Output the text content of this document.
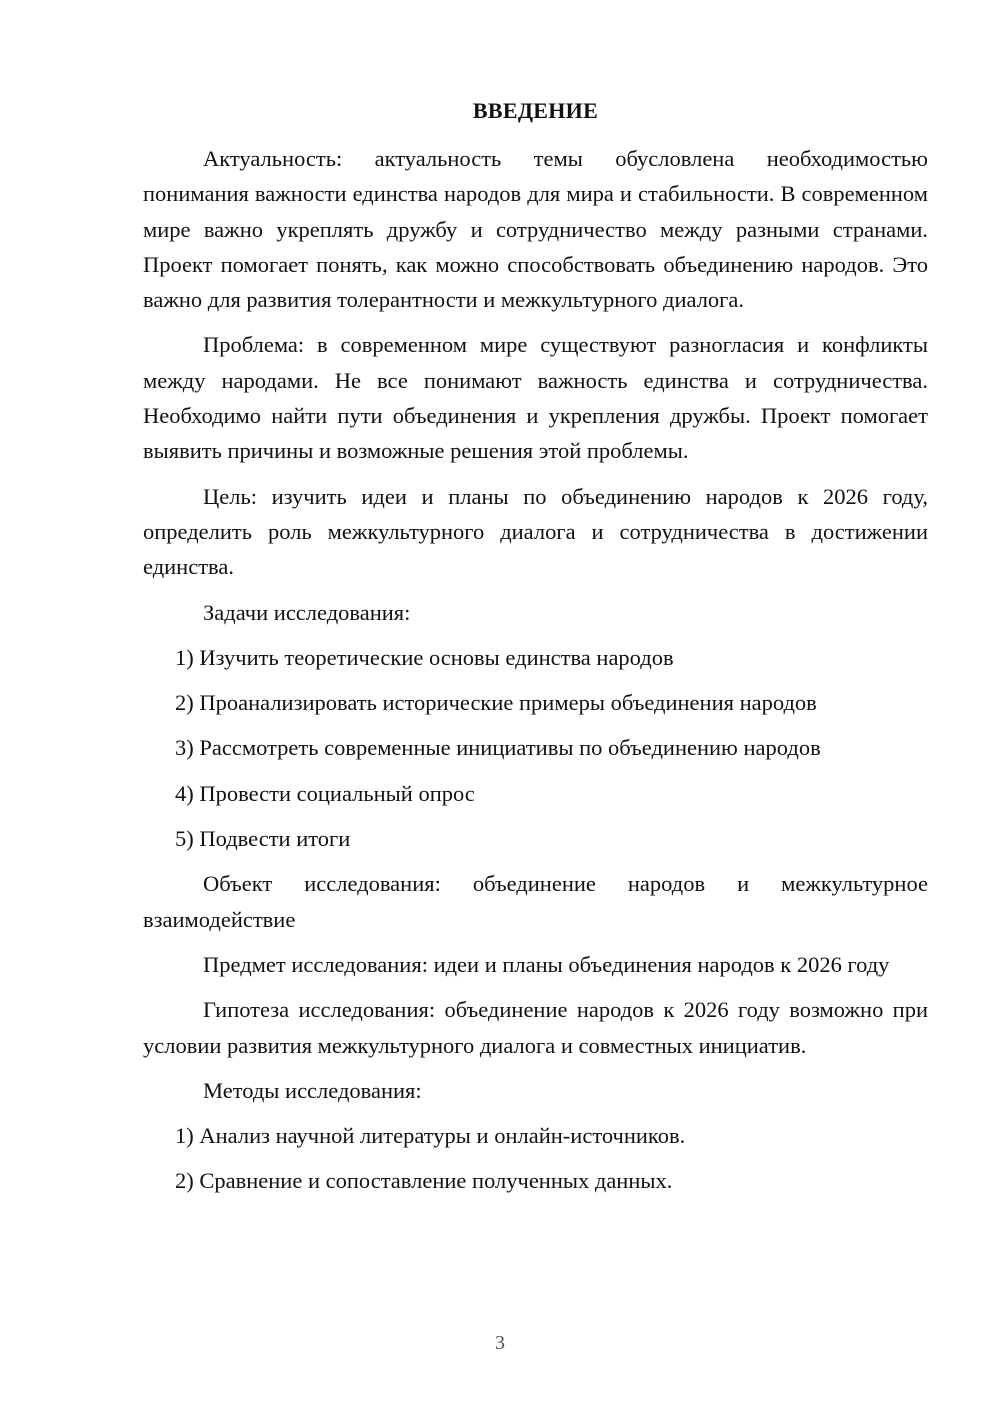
ВВЕДЕНИЕ

Актуальность: актуальность темы обусловлена необходимостью понимания важности единства народов для мира и стабильности. В современном мире важно укреплять дружбу и сотрудничество между разными странами. Проект помогает понять, как можно способствовать объединению народов. Это важно для развития толерантности и межкультурного диалога.

Проблема: в современном мире существуют разногласия и конфликты между народами. Не все понимают важность единства и сотрудничества. Необходимо найти пути объединения и укрепления дружбы. Проект помогает выявить причины и возможные решения этой проблемы.

Цель: изучить идеи и планы по объединению народов к 2026 году, определить роль межкультурного диалога и сотрудничества в достижении единства.

Задачи исследования:
1) Изучить теоретические основы единства народов
2) Проанализировать исторические примеры объединения народов
3) Рассмотреть современные инициативы по объединению народов
4) Провести социальный опрос
5) Подвести итоги

Объект исследования: объединение народов и межкультурное взаимодействие

Предмет исследования: идеи и планы объединения народов к 2026 году

Гипотеза исследования: объединение народов к 2026 году возможно при условии развития межкультурного диалога и совместных инициатив.

Методы исследования:
1) Анализ научной литературы и онлайн-источников.
2) Сравнение и сопоставление полученных данных.
3
